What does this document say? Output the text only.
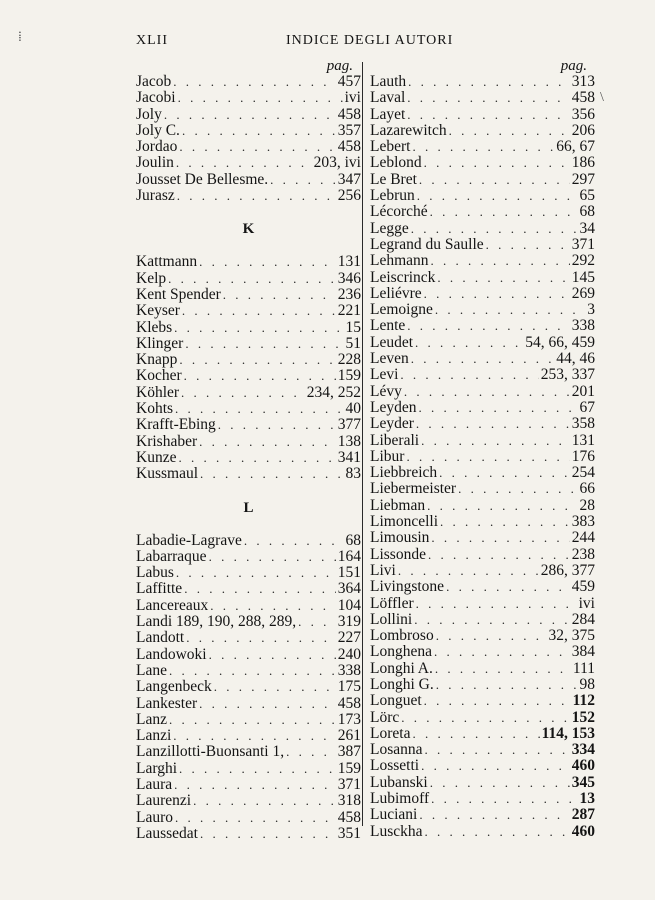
XLII	INDICE DEGLI AUTORI
pag.
Jacob . . .	457
Jacobi . . .	ivi
Joly . . .	458
Joly C. . . .	357
Jordao . . .	458
Joulin . . .	203, ivi
Jousset De Bellesme. . . .	347
Jurasz . . .	256
K
Kattmann . . .	131
Kelp . . .	346
Kent Spender . . .	236
Keyser . . .	221
Klebs . . .	15
Klinger . . .	51
Knapp . . .	228
Kocher . . .	159
Köhler . . .	234, 252
Kohts . . .	40
Krafft-Ebing . . .	377
Krishaber . . .	138
Kunze . . .	341
Kussmaul . . .	83
L
Labadie-Lagrave . . .	68
Labarraque . . .	164
Labus . . .	151
Laffitte . . .	364
Lancereaux . . .	104
Landi 189, 190, 288, 289, . . .	319
Landott . . .	227
Landowoki . . .	240
Lane . . .	338
Langenbeck . . .	175
Lankester . . .	458
Lanz . . .	173
Lanzi . . .	261
Lanzillotti-Buonsanti 1, . . .	387
Larghi . . .	159
Laura . . .	371
Laurenzi . . .	318
Lauro . . .	458
Laussedat . . .	351
pag.
Lauth . . .	313
Laval . . .	458
Layet . . .	356
Lazarewitch . . .	206
Lebert . . .	66, 67
Leblond . . .	186
Le Bret . . .	297
Lebrun . . .	65
Lécorché . . .	68
Legge . . .	34
Legrand du Saulle . . .	371
Lehmann . . .	292
Leiscrinck . . .	145
Leliévre . . .	269
Lemoigne . . .	3
Lente . . .	338
Leudet . . .	54, 66, 459
Leven . . .	44, 46
Levi . . .	253, 337
Lévy . . .	201
Leyden . . .	67
Leyder . . .	358
Liberali . . .	131
Libur . . .	176
Liebbreich . . .	254
Liebermeister . . .	66
Liebman . . .	28
Limoncelli . . .	383
Limousin . . .	244
Lissonde . . .	238
Livi . . .	286, 377
Livingstone . . .	459
Löffler . . .	ivi
Lollini . . .	284
Lombroso . . .	32, 375
Longhena . . .	384
Longhi A. . . .	111
Longhi G. . . .	98
Longuet . . .	112
Lörc . . .	152
Loreta . . .	114, 153
Losanna . . .	334
Lossetti . . .	460
Lubanski . . .	345
Lubimoff . . .	13
Luciani . . .	287
Lusckha . . .	460
⁞
\
